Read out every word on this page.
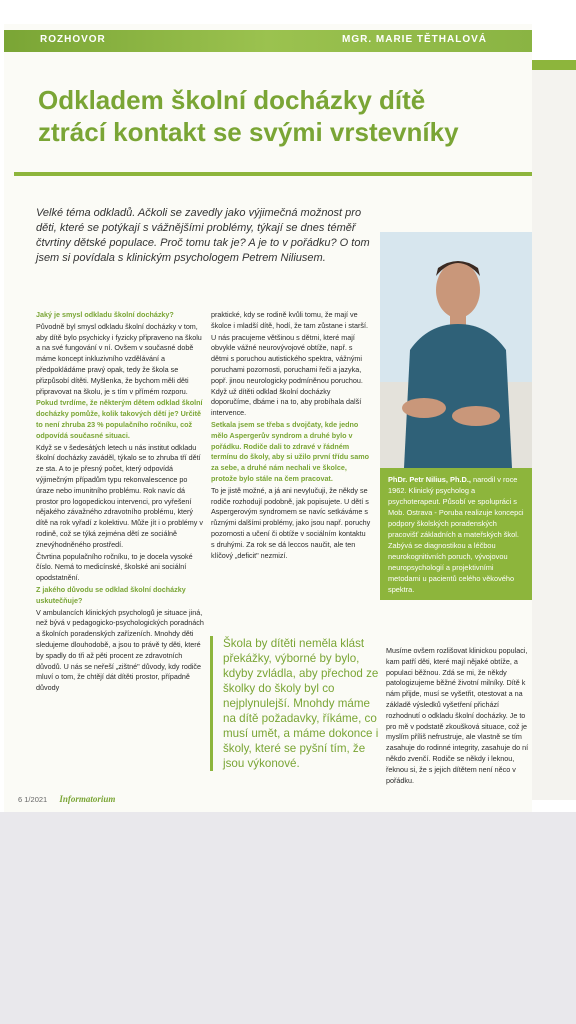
ROZHOVOR	MGR. MARIE TĚTHALOVÁ
Odkladem školní docházky dítě
ztrácí kontakt se svými vrstevníky
Velké téma odkladů. Ačkoli se zavedly jako výjimečná možnost pro děti, které se potýkají s vážnějšími problémy, týkají se dnes téměř čtvrtiny dětské populace. Proč tomu tak je? A je to v pořádku? O tom jsem si povídala s klinickým psychologem Petrem Niliusem.
PhDr. Petr Nilius, Ph.D., narodil v roce 1962. Klinický psycholog a psychoterapeut. Působí ve spolupráci s Mob. Ostrava - Poruba realizuje koncepci podpory školských poradenských pracovišť základních a mateřských škol. Zabývá se diagnostikou a léčbou neurokognitivních poruch, vývojovou neuropsychologií a projektivními metodami u pacientů celého věkového spektra.

Jaký je smysl odkladu školní docházky?

Původně byl smysl odkladu školní docházky v tom, aby dítě bylo psychicky i fyzicky připraveno na školu a na své fungování v ní. Ovšem v současné době máme koncept inkluzivního vzdělávání a předpokládáme pravý opak, tedy že škola se přizpůsobí dítěti. Myšlenka, že bychom měli děti připravovat na školu, je s tím v přímém rozporu.

Pokud tvrdíme, že některým dětem odklad školní docházky pomůže, kolik takových dětí je? Určitě to není zhruba 23 % populačního ročníku, což odpovídá současné situaci.

Když se v šedesátých letech u nás institut odkladu školní docházky zaváděl, týkalo se to zhruba tří dětí ze sta. A to je přesný počet, který odpovídá výjimečným případům typu rekonvalescence po úraze nebo imunitního problému. Rok navíc dá prostor pro logopedickou intervenci, pro vyřešení nějakého závažného zdravotního problému, který dítě na rok vyřadí z kolektivu. Může jít i o problémy v rodině, což se týká zejména dětí ze sociálně znevýhodněného prostředí.

Čtvrtina populačního ročníku, to je docela vysoké číslo. Nemá to medicínské, školské ani sociální opodstatnění.

Z jakého důvodu se odklad školní docházky uskutečňuje?

V ambulancích klinických psychologů je situace jiná, než bývá v pedagogicko-psychologických poradnách a školních poradenských zařízeních. Mnohdy děti sledujeme dlouhodobě, a jsou to právě ty děti, které by spadly do tři až pěti procent ze zdravotních důvodů. U nás se neřeší „zištné" důvody, kdy rodiče mluví o tom, že chtějí dát dítěti prostor, případně důvody

praktické, kdy se rodině kvůli tomu, že mají ve školce i mladší dítě, hodí, že tam zůstane i starší.

U nás pracujeme většinou s dětmi, které mají obvykle vážné neurovývojové obtíže, např. s dětmi s poruchou autistického spektra, vážnými poruchami pozornosti, poruchami řeči a jazyka, popř. jinou neurologicky podmíněnou poruchou. Když už dítěti odklad školní docházky doporučíme, dbáme i na to, aby probíhala další intervence.

Setkala jsem se třeba s dvojčaty, kde jedno mělo Aspergerův syndrom a druhé bylo v pořádku. Rodiče dali to zdravé v řádném termínu do školy, aby si užilo první třídu samo za sebe, a druhé nám nechali ve školce, protože bylo stále na čem pracovat.

To je jistě možné, a já ani nevylučuji, že někdy se rodiče rozhodují podobně, jak popisujete. U dětí s Aspergerovým syndromem se navíc setkáváme s různými dalšími problémy, jako jsou např. poruchy pozornosti a učení či obtíže v sociálním kontaktu s druhými. Za rok se dá leccos naučit, ale ten klíčový „deficit" nezmizí.

Škola by dítěti neměla klást překážky, výborné by bylo, kdyby zvládla, aby přechod ze školky do školy byl co nejplynulejší. Mnohdy máme na dítě požadavky, říkáme, co musí umět, a máme dokonce i školy, které se pyšní tím, že jsou výkonové.

Musíme ovšem rozlišovat klinickou populaci, kam patří děti, které mají nějaké obtíže, a populaci běžnou. Zdá se mi, že někdy patologizujeme běžné životní milníky. Dítě k nám přijde, musí se vyšetřit, otestovat a na základě výsledků vyšetření přichází rozhodnutí o odkladu školní docházky. Je to pro mě v podstatě zkoušková situace, což je myslím příliš nefrustruje, ale vlastně se tím zasahuje do rodinné integrity, zasahuje do ní někdo zvenčí. Rodiče se někdy i leknou, řeknou si, že s jejich dítětem není něco v pořádku.

6 1/2021 Informatorium
